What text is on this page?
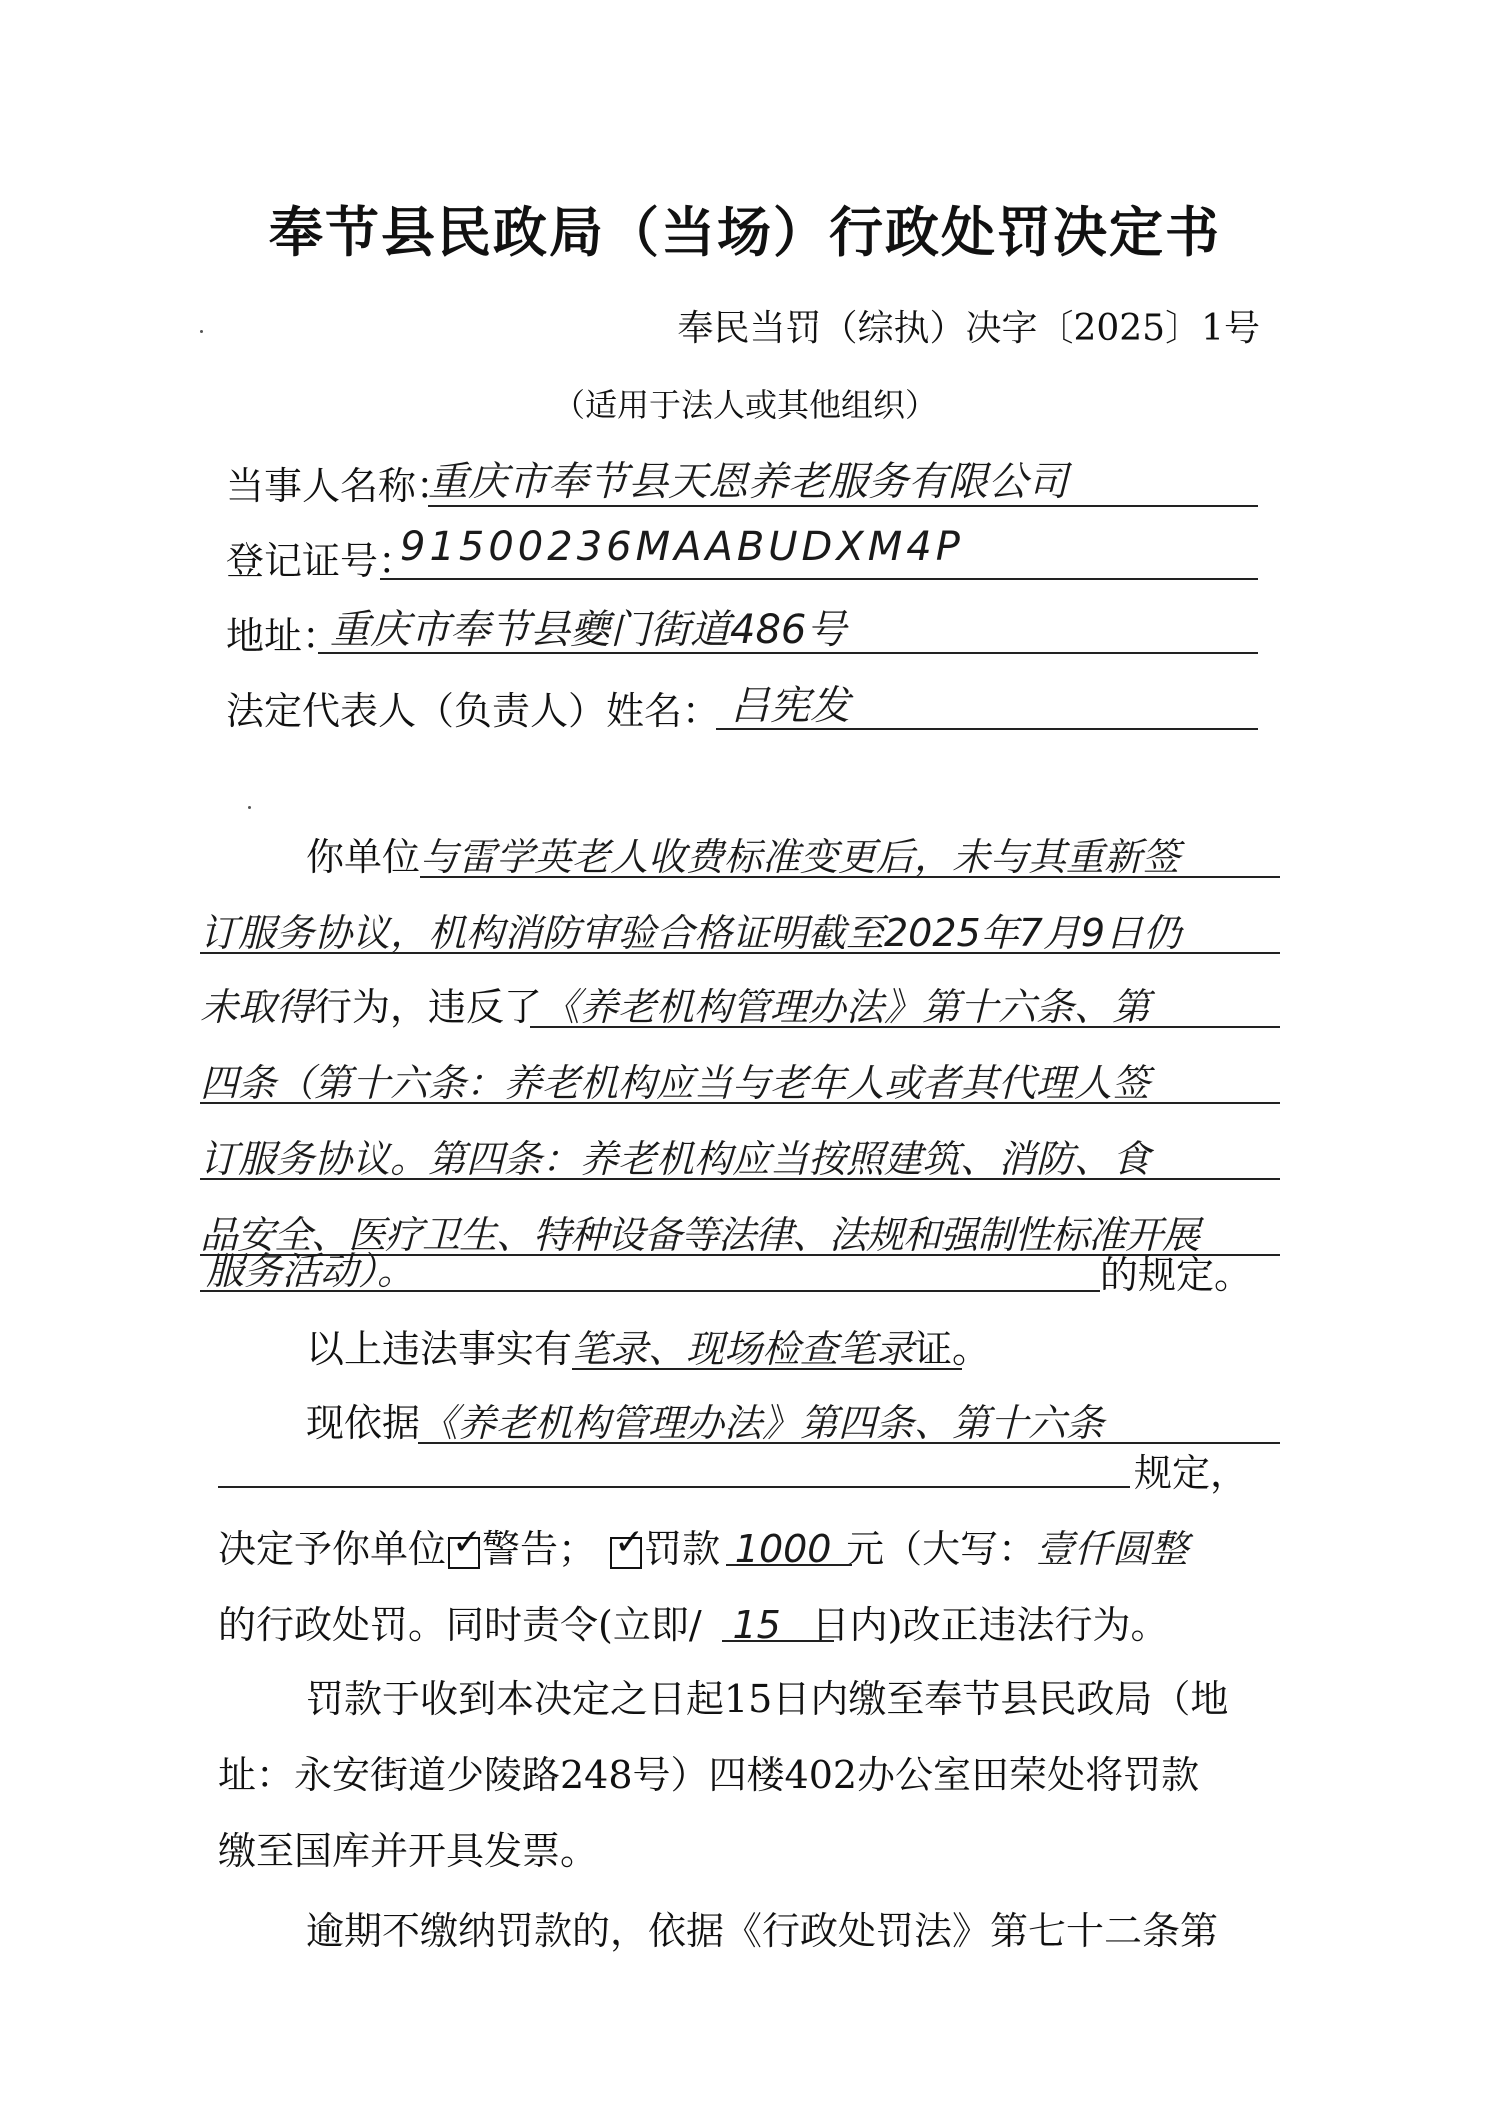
奉节县民政局（当场）行政处罚决定书
奉民当罚（综执）决字〔2025〕1号
（适用于法人或其他组织）
当事人名称：
重庆市奉节县天恩养老服务有限公司
登记证号：
91500236MAABUDXM4P
地址：
重庆市奉节县夔门街道486号
法定代表人（负责人）姓名： 吕宪发
你单位与雷学英老人收费标准变更后，未与其重新签
订服务协议，机构消防审验合格证明截至2025年7月9日仍
未取得行为，违反了《养老机构管理办法》第十六条、第
四条（第十六条：养老机构应当与老年人或者其代理人签
订服务协议。第四条：养老机构应当按照建筑、消防、食
品安全、医疗卫生、特种设备等法律、法规和强制性标准开展
服务活动）。	的规定。
以上违法事实有笔录、现场检查笔录证。
现依据《养老机构管理办法》第四条、第十六条
规定，
决定予你单位 ✓ 警告； ✓ 罚款 1000 元（大写：壹仟圆整
的行政处罚。同时责令(立即/ 15 日内)改正违法行为。
罚款于收到本决定之日起15日内缴至奉节县民政局（地
址：永安街道少陵路248号）四楼402办公室田荣处将罚款
缴至国库并开具发票。
逾期不缴纳罚款的，依据《行政处罚法》第七十二条第
